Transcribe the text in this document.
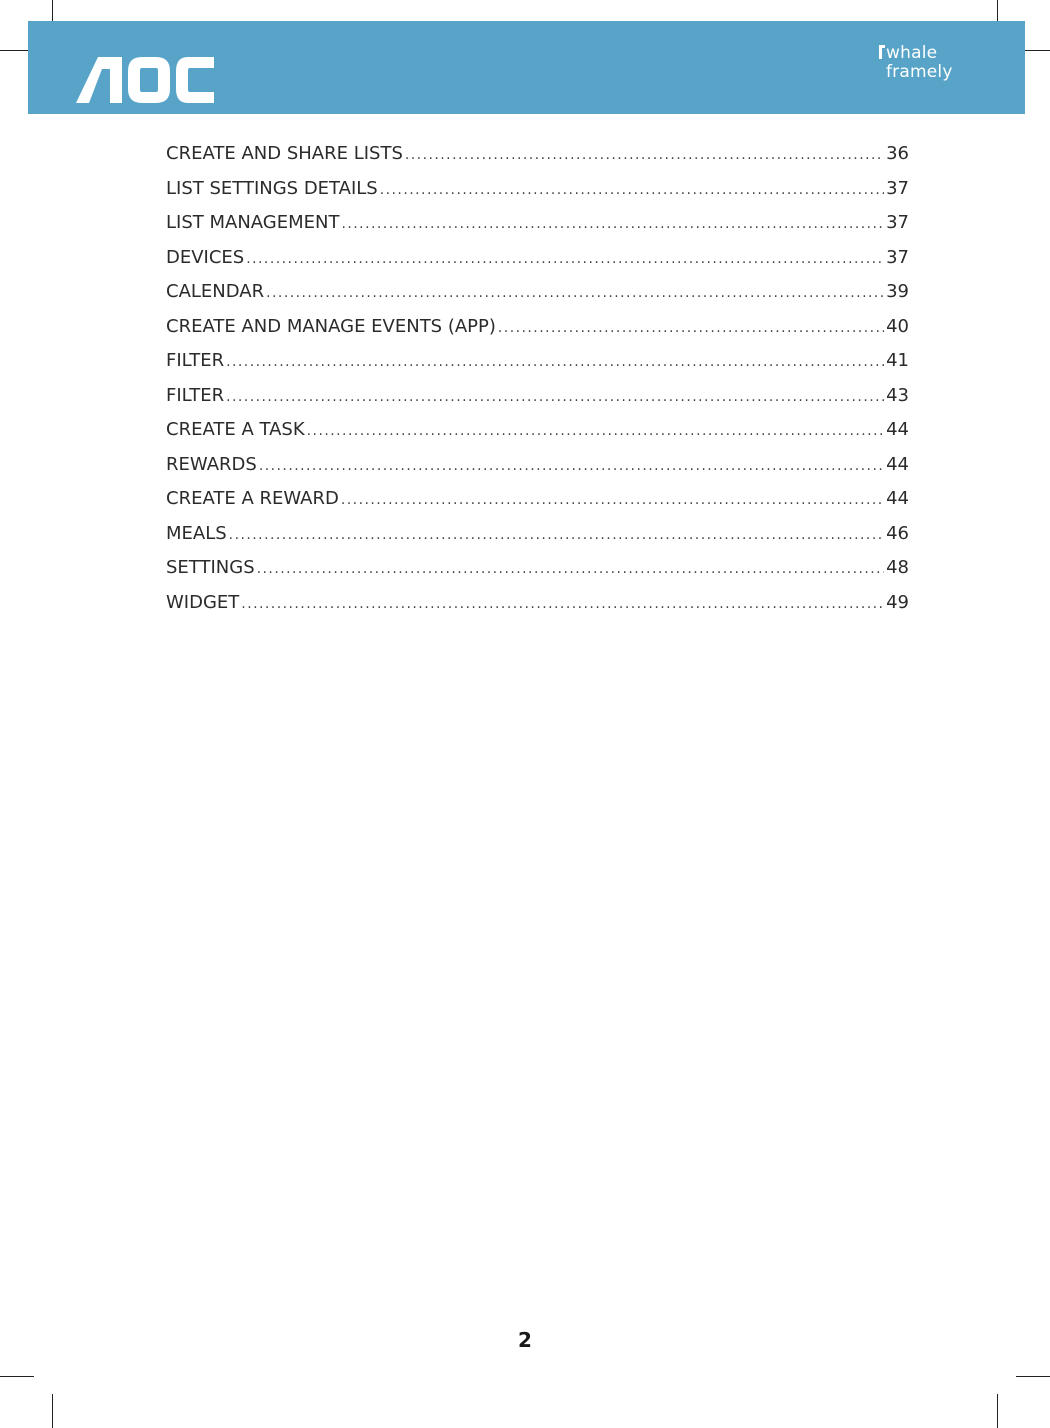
whale
framely
CREATE AND SHARE LISTS . . .	36
LIST SETTINGS DETAILS . . .	37
LIST MANAGEMENT . . .	37
DEVICES . . .	37
CALENDAR . . .	39
CREATE AND MANAGE EVENTS (APP) . . .	40
FILTER . . .	41
FILTER . . .	43
CREATE A TASK . . .	44
REWARDS . . .	44
CREATE A REWARD . . .	44
MEALS . . .	46
SETTINGS . . .	48
WIDGET . . .	49
2
